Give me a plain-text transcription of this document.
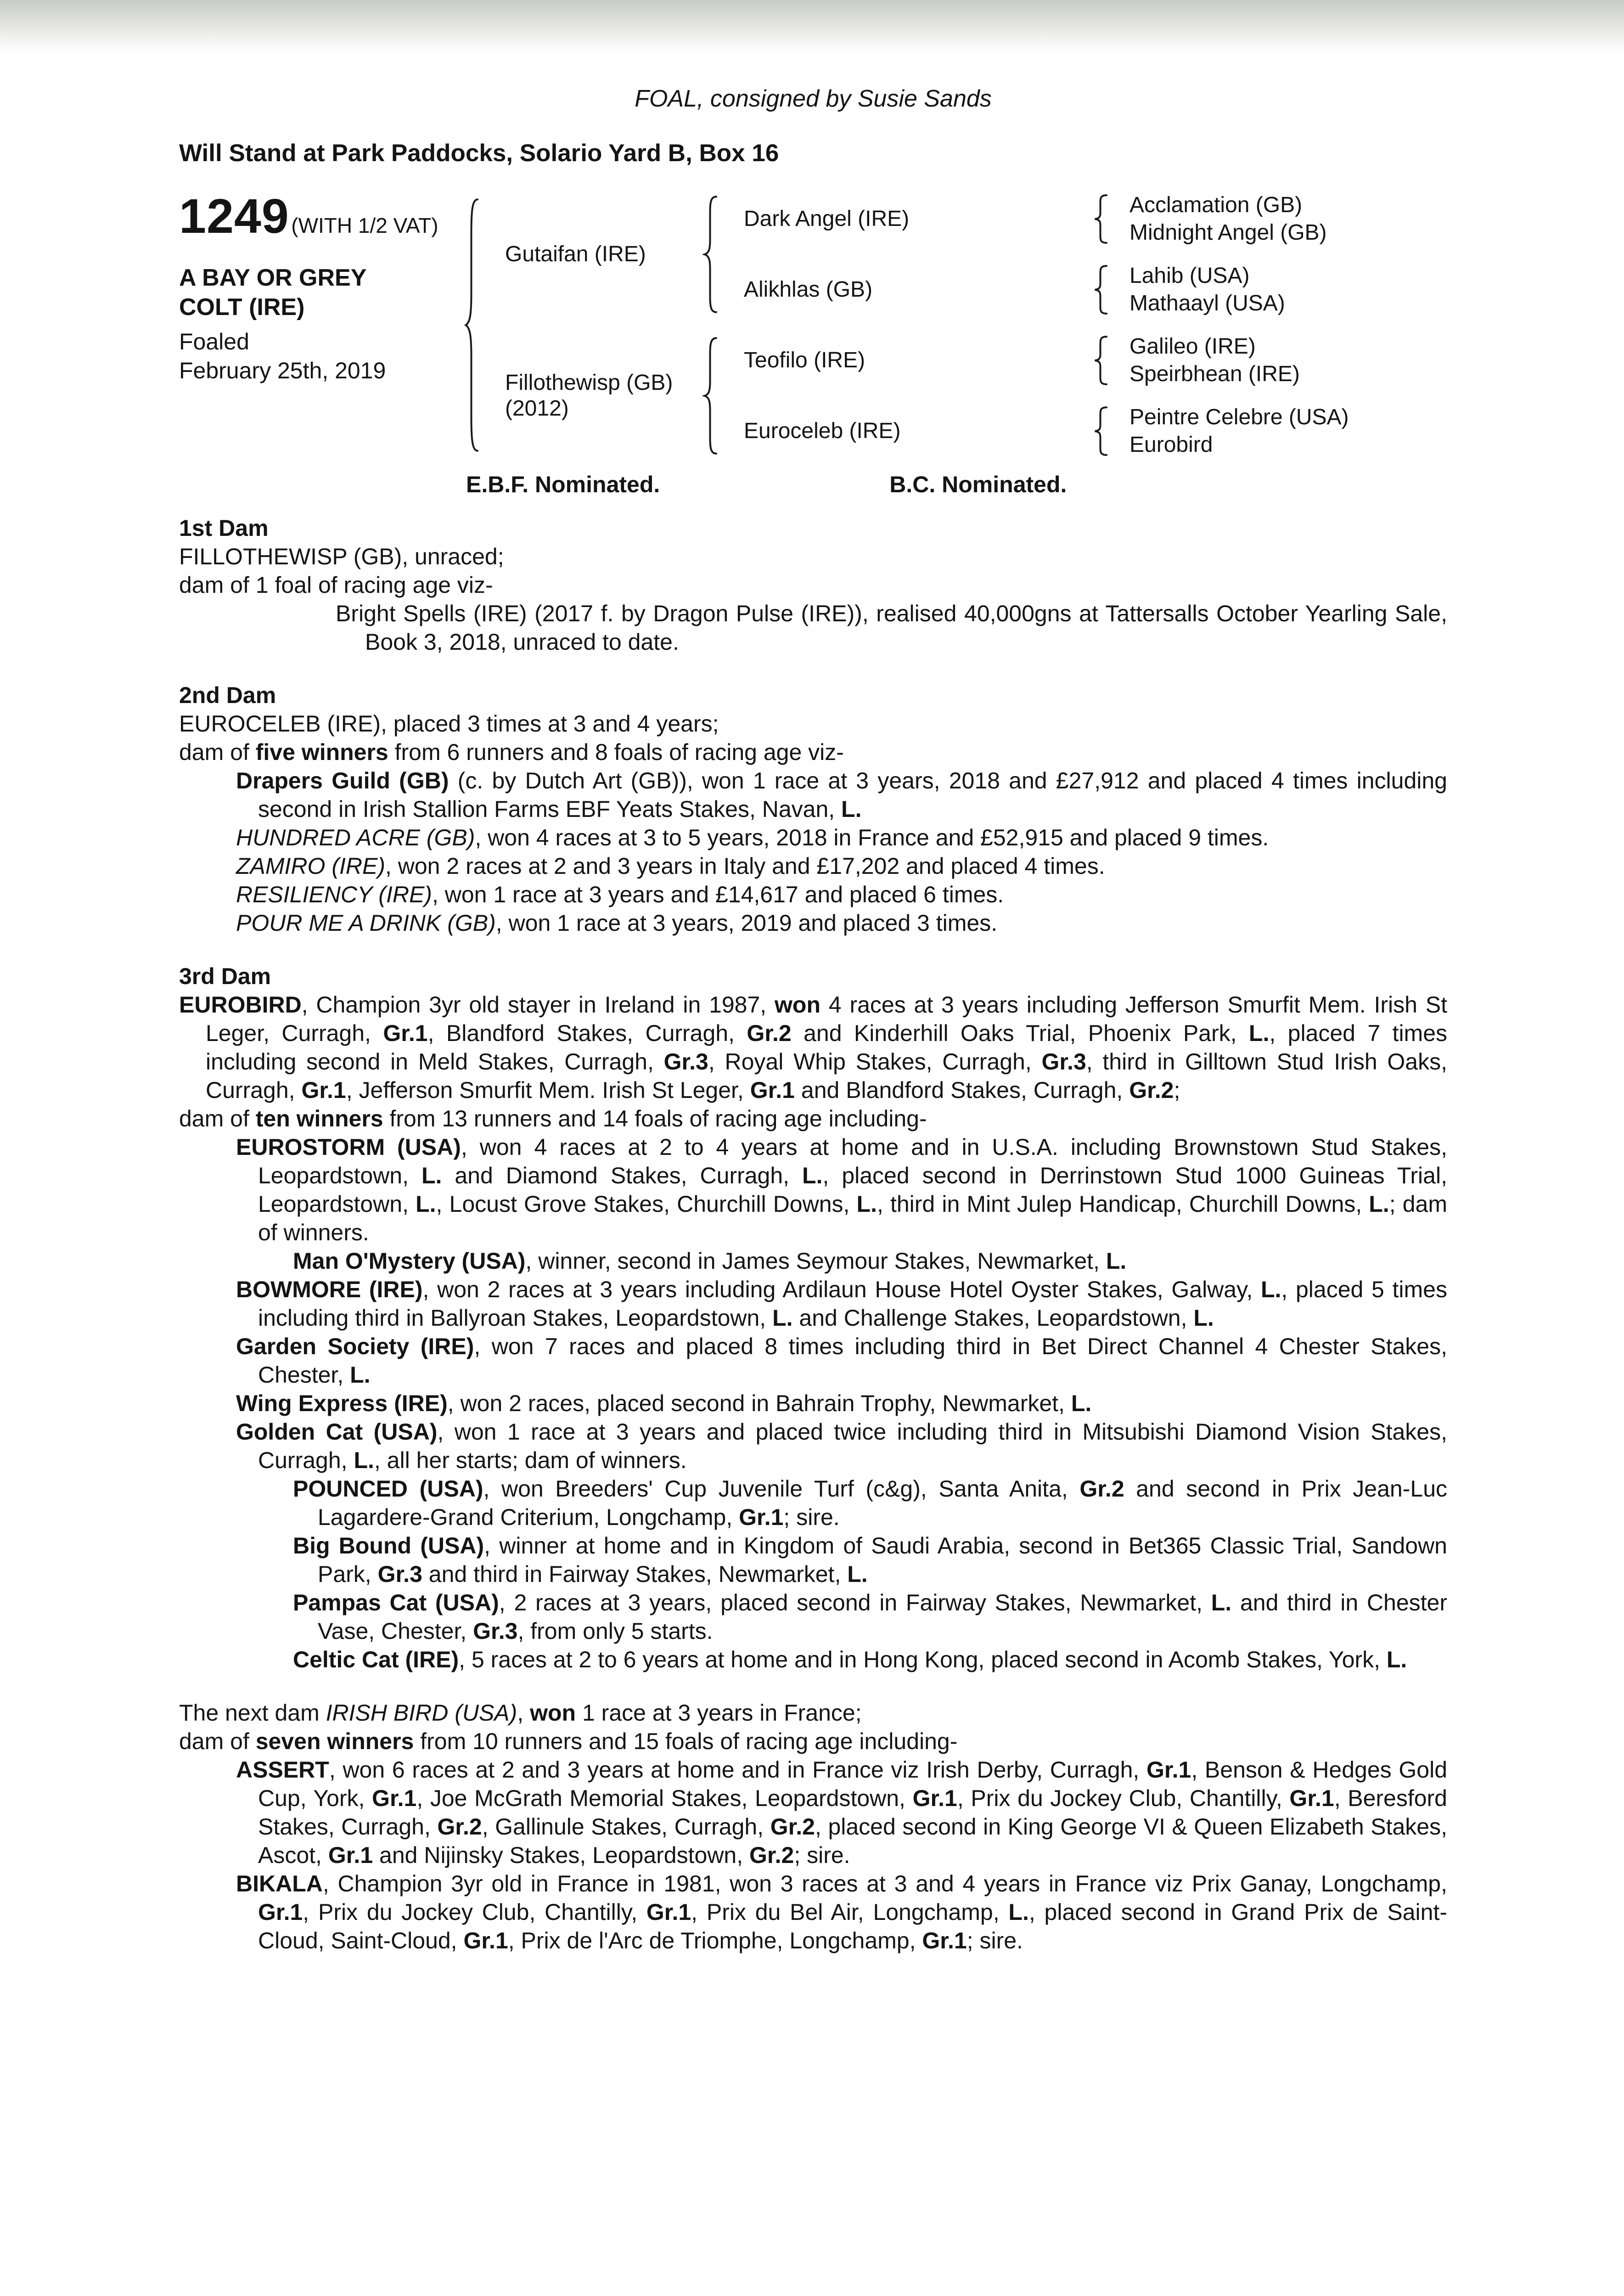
FOAL, consigned by Susie Sands
Will Stand at Park Paddocks, Solario Yard B, Box 16
1249 (WITH 1/2 VAT)
A BAY OR GREY COLT (IRE)
Foaled
February 25th, 2019
Gutaifan (IRE)
Fillothewisp (GB)
(2012)
Dark Angel (IRE)
Alikhlas (GB)
Teofilo (IRE)
Euroceleb (IRE)
Acclamation (GB)
Midnight Angel (GB)
Lahib (USA)
Mathaayl (USA)
Galileo (IRE)
Speirbhean (IRE)
Peintre Celebre (USA)
Eurobird
E.B.F. Nominated.	B.C. Nominated.
1st Dam

FILLOTHEWISP (GB), unraced;

dam of 1 foal of racing age viz-

Bright Spells (IRE) (2017 f. by Dragon Pulse (IRE)), realised 40,000gns at Tattersalls October Yearling Sale, Book 3, 2018, unraced to date.

2nd Dam

EUROCELEB (IRE), placed 3 times at 3 and 4 years;

dam of five winners from 6 runners and 8 foals of racing age viz-

Drapers Guild (GB) (c. by Dutch Art (GB)), won 1 race at 3 years, 2018 and £27,912 and placed 4 times including second in Irish Stallion Farms EBF Yeats Stakes, Navan, L.

HUNDRED ACRE (GB), won 4 races at 3 to 5 years, 2018 in France and £52,915 and placed 9 times.

ZAMIRO (IRE), won 2 races at 2 and 3 years in Italy and £17,202 and placed 4 times.

RESILIENCY (IRE), won 1 race at 3 years and £14,617 and placed 6 times.

POUR ME A DRINK (GB), won 1 race at 3 years, 2019 and placed 3 times.

3rd Dam

EUROBIRD, Champion 3yr old stayer in Ireland in 1987, won 4 races at 3 years including Jefferson Smurfit Mem. Irish St Leger, Curragh, Gr.1, Blandford Stakes, Curragh, Gr.2 and Kinderhill Oaks Trial, Phoenix Park, L., placed 7 times including second in Meld Stakes, Curragh, Gr.3, Royal Whip Stakes, Curragh, Gr.3, third in Gilltown Stud Irish Oaks, Curragh, Gr.1, Jefferson Smurfit Mem. Irish St Leger, Gr.1 and Blandford Stakes, Curragh, Gr.2;

dam of ten winners from 13 runners and 14 foals of racing age including-

EUROSTORM (USA), won 4 races at 2 to 4 years at home and in U.S.A. including Brownstown Stud Stakes, Leopardstown, L. and Diamond Stakes, Curragh, L., placed second in Derrinstown Stud 1000 Guineas Trial, Leopardstown, L., Locust Grove Stakes, Churchill Downs, L., third in Mint Julep Handicap, Churchill Downs, L.; dam of winners.

Man O'Mystery (USA), winner, second in James Seymour Stakes, Newmarket, L.

BOWMORE (IRE), won 2 races at 3 years including Ardilaun House Hotel Oyster Stakes, Galway, L., placed 5 times including third in Ballyroan Stakes, Leopardstown, L. and Challenge Stakes, Leopardstown, L.

Garden Society (IRE), won 7 races and placed 8 times including third in Bet Direct Channel 4 Chester Stakes, Chester, L.

Wing Express (IRE), won 2 races, placed second in Bahrain Trophy, Newmarket, L.

Golden Cat (USA), won 1 race at 3 years and placed twice including third in Mitsubishi Diamond Vision Stakes, Curragh, L., all her starts; dam of winners.

POUNCED (USA), won Breeders' Cup Juvenile Turf (c&g), Santa Anita, Gr.2 and second in Prix Jean-Luc Lagardere-Grand Criterium, Longchamp, Gr.1; sire.

Big Bound (USA), winner at home and in Kingdom of Saudi Arabia, second in Bet365 Classic Trial, Sandown Park, Gr.3 and third in Fairway Stakes, Newmarket, L.

Pampas Cat (USA), 2 races at 3 years, placed second in Fairway Stakes, Newmarket, L. and third in Chester Vase, Chester, Gr.3, from only 5 starts.

Celtic Cat (IRE), 5 races at 2 to 6 years at home and in Hong Kong, placed second in Acomb Stakes, York, L.

The next dam IRISH BIRD (USA), won 1 race at 3 years in France;

dam of seven winners from 10 runners and 15 foals of racing age including-

ASSERT, won 6 races at 2 and 3 years at home and in France viz Irish Derby, Curragh, Gr.1, Benson & Hedges Gold Cup, York, Gr.1, Joe McGrath Memorial Stakes, Leopardstown, Gr.1, Prix du Jockey Club, Chantilly, Gr.1, Beresford Stakes, Curragh, Gr.2, Gallinule Stakes, Curragh, Gr.2, placed second in King George VI & Queen Elizabeth Stakes, Ascot, Gr.1 and Nijinsky Stakes, Leopardstown, Gr.2; sire.

BIKALA, Champion 3yr old in France in 1981, won 3 races at 3 and 4 years in France viz Prix Ganay, Longchamp, Gr.1, Prix du Jockey Club, Chantilly, Gr.1, Prix du Bel Air, Longchamp, L., placed second in Grand Prix de Saint-Cloud, Saint-Cloud, Gr.1, Prix de l'Arc de Triomphe, Longchamp, Gr.1; sire.
